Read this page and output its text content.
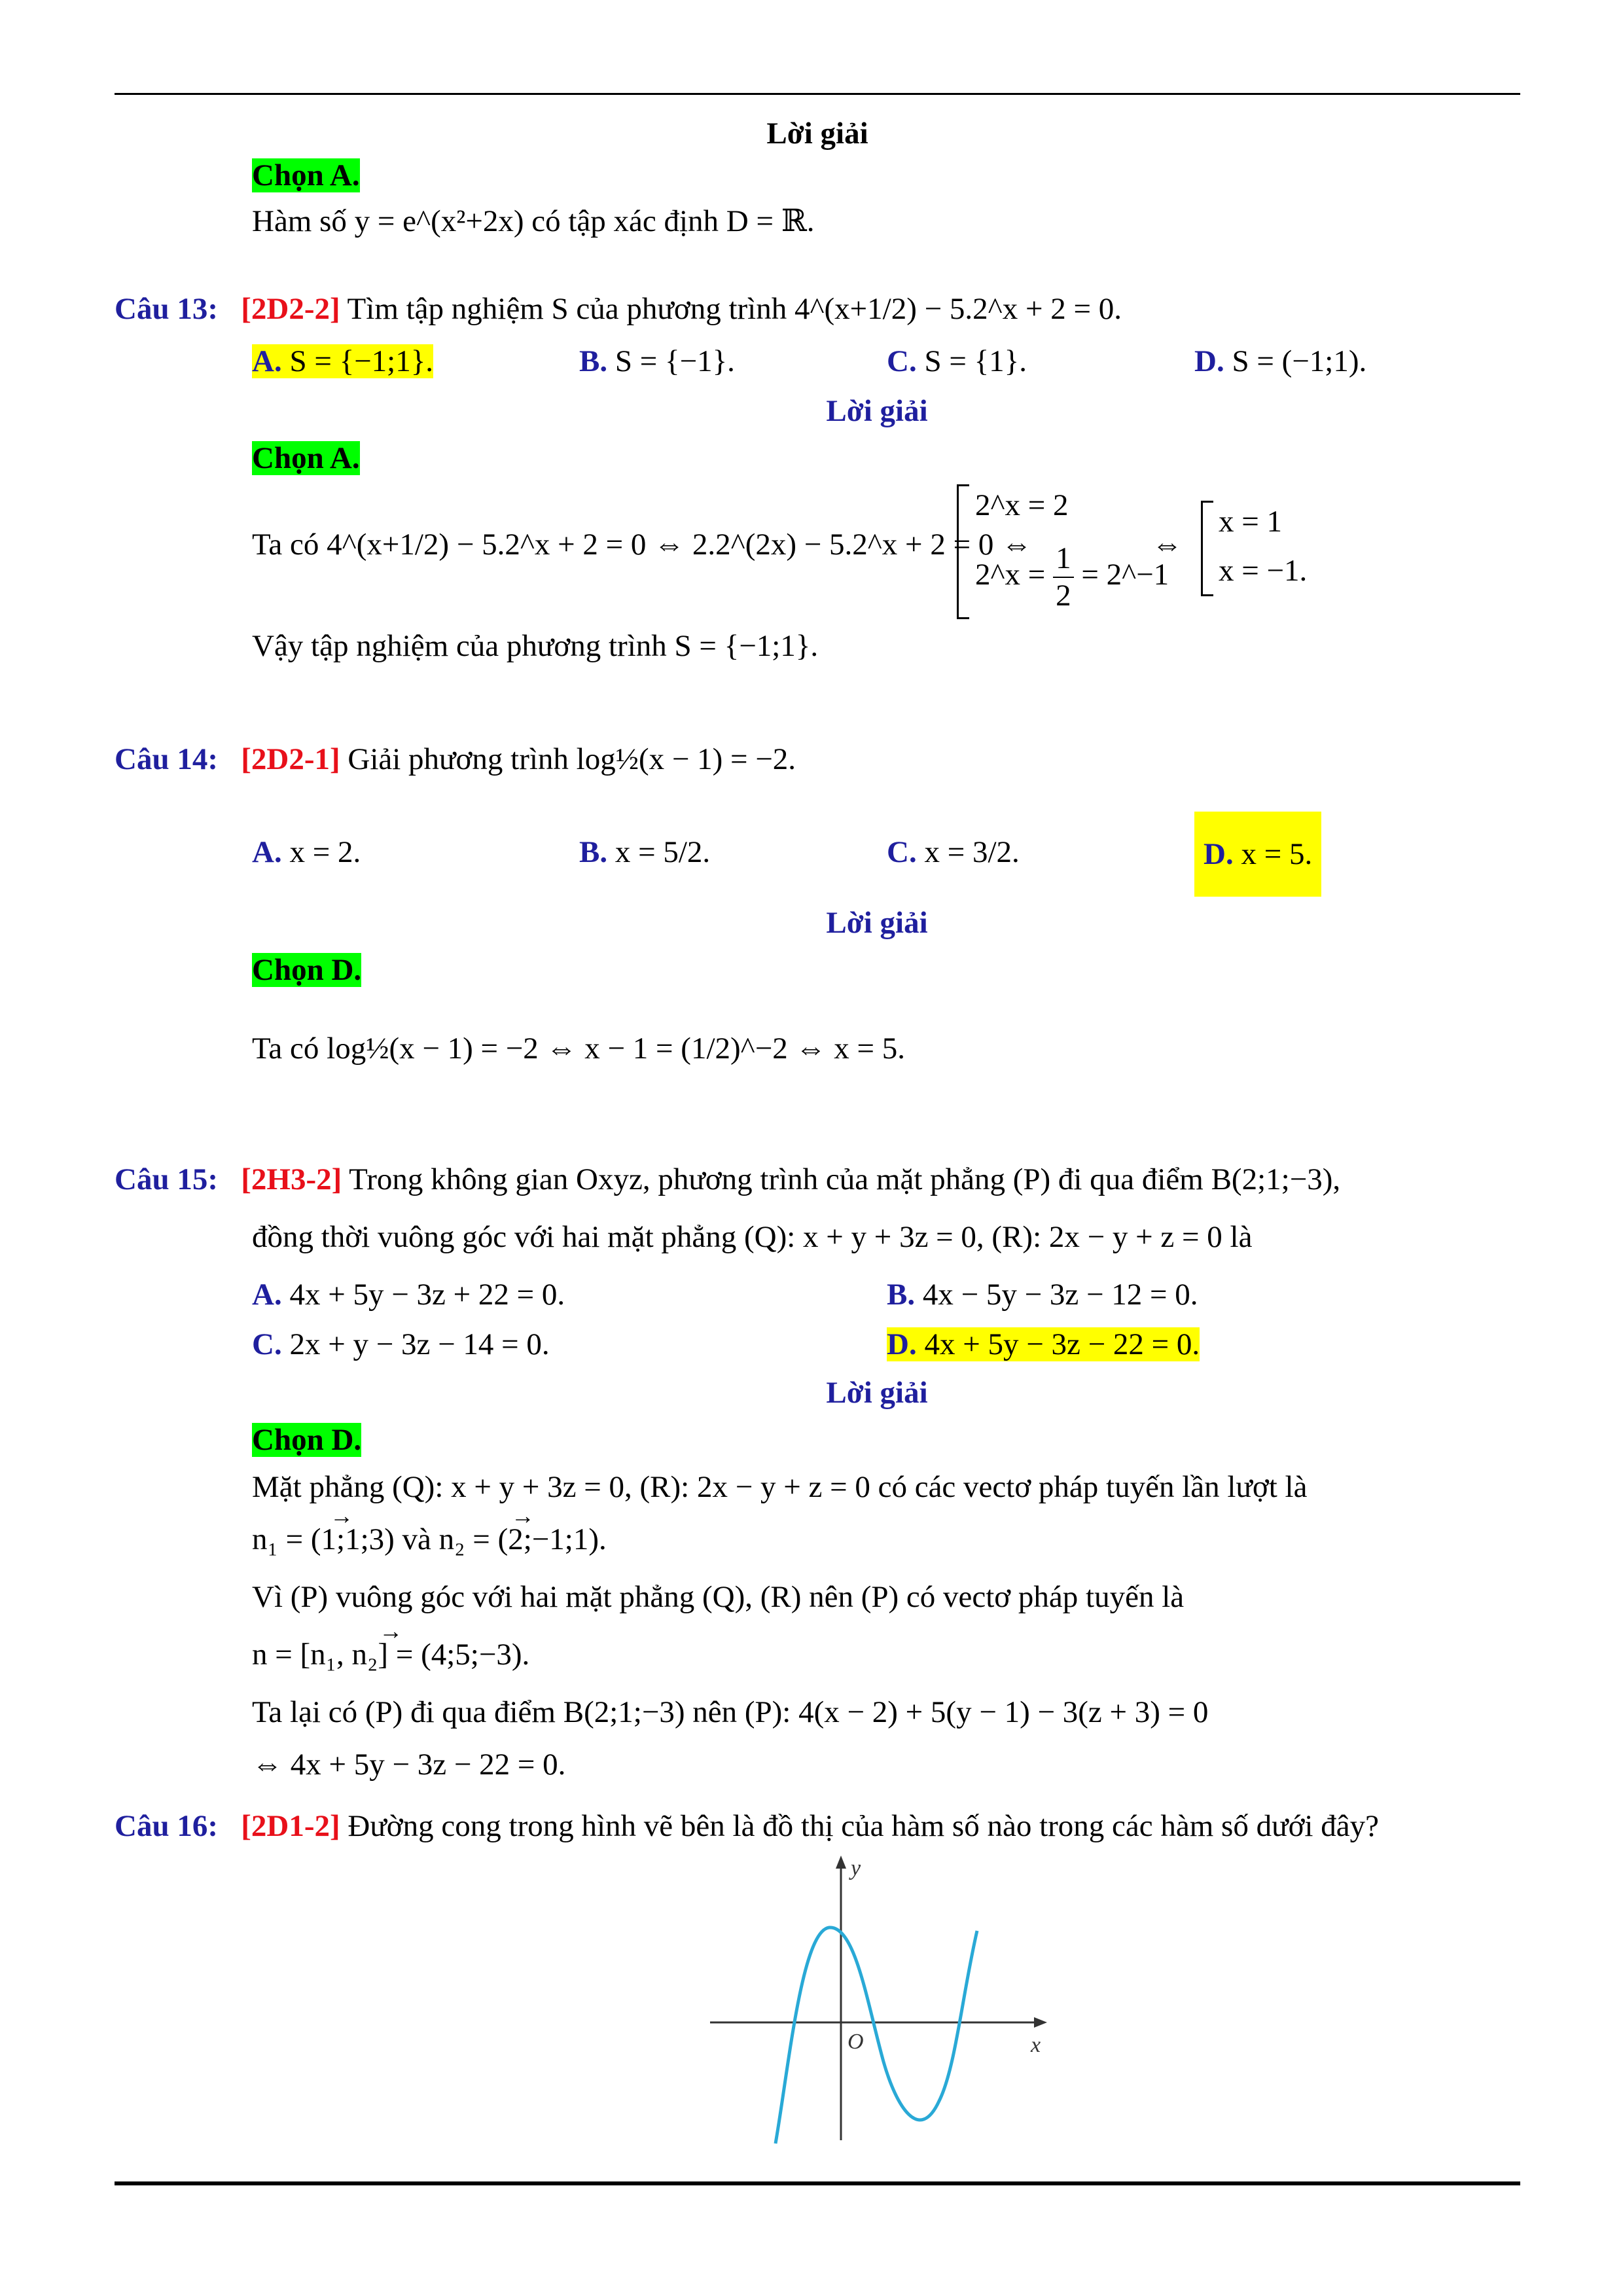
Lời giải
Chọn A.
Hàm số y = e^(x²+2x) có tập xác định D = ℝ.
Câu 13: [2D2-2] Tìm tập nghiệm S của phương trình 4^(x+1/2) − 5.2^x + 2 = 0.
A. S = {−1;1}.	B. S = {−1}.	C. S = {1}.	D. S = (−1;1).
Lời giải
Chọn A.
Ta có 4^(x+1/2) − 5.2^x + 2 = 0 ⇔ 2.2^(2x) − 5.2^x + 2 = 0 ⇔
2^x = 2
2^x = $\frac{1}{2}$ = 2^−1
⇔
x = 1
x = −1.
Vậy tập nghiệm của phương trình S = {−1;1}.
Câu 14: [2D2-1] Giải phương trình log½(x − 1) = −2.
A. x = 2.	B. x = 5/2.	C. x = 3/2.	D. x = 5.
Lời giải
Chọn D.
Ta có log½(x − 1) = −2 ⇔ x − 1 = (1/2)^−2 ⇔ x = 5.
Câu 15: [2H3-2] Trong không gian Oxyz, phương trình của mặt phẳng (P) đi qua điểm B(2;1;−3),
đồng thời vuông góc với hai mặt phẳng (Q): x + y + 3z = 0, (R): 2x − y + z = 0 là
A. 4x + 5y − 3z + 22 = 0.	B. 4x − 5y − 3z − 12 = 0.
C. 2x + y − 3z − 14 = 0.	D. 4x + 5y − 3z − 22 = 0.
Lời giải
Chọn D.
Mặt phẳng (Q): x + y + 3z = 0, (R): 2x − y + z = 0 có các vectơ pháp tuyến lần lượt là
→ n₁ = (1;1;3) và → n₂ = (2;−1;1).
Vì (P) vuông góc với hai mặt phẳng (Q), (R) nên (P) có vectơ pháp tuyến là
→ n = [n₁, n₂] = (4;5;−3).
Ta lại có (P) đi qua điểm B(2;1;−3) nên (P): 4(x − 2) + 5(y − 1) − 3(z + 3) = 0
⇔ 4x + 5y − 3z − 22 = 0.
Câu 16: [2D1-2] Đường cong trong hình vẽ bên là đồ thị của hàm số nào trong các hàm số dưới đây?
y
x
O
